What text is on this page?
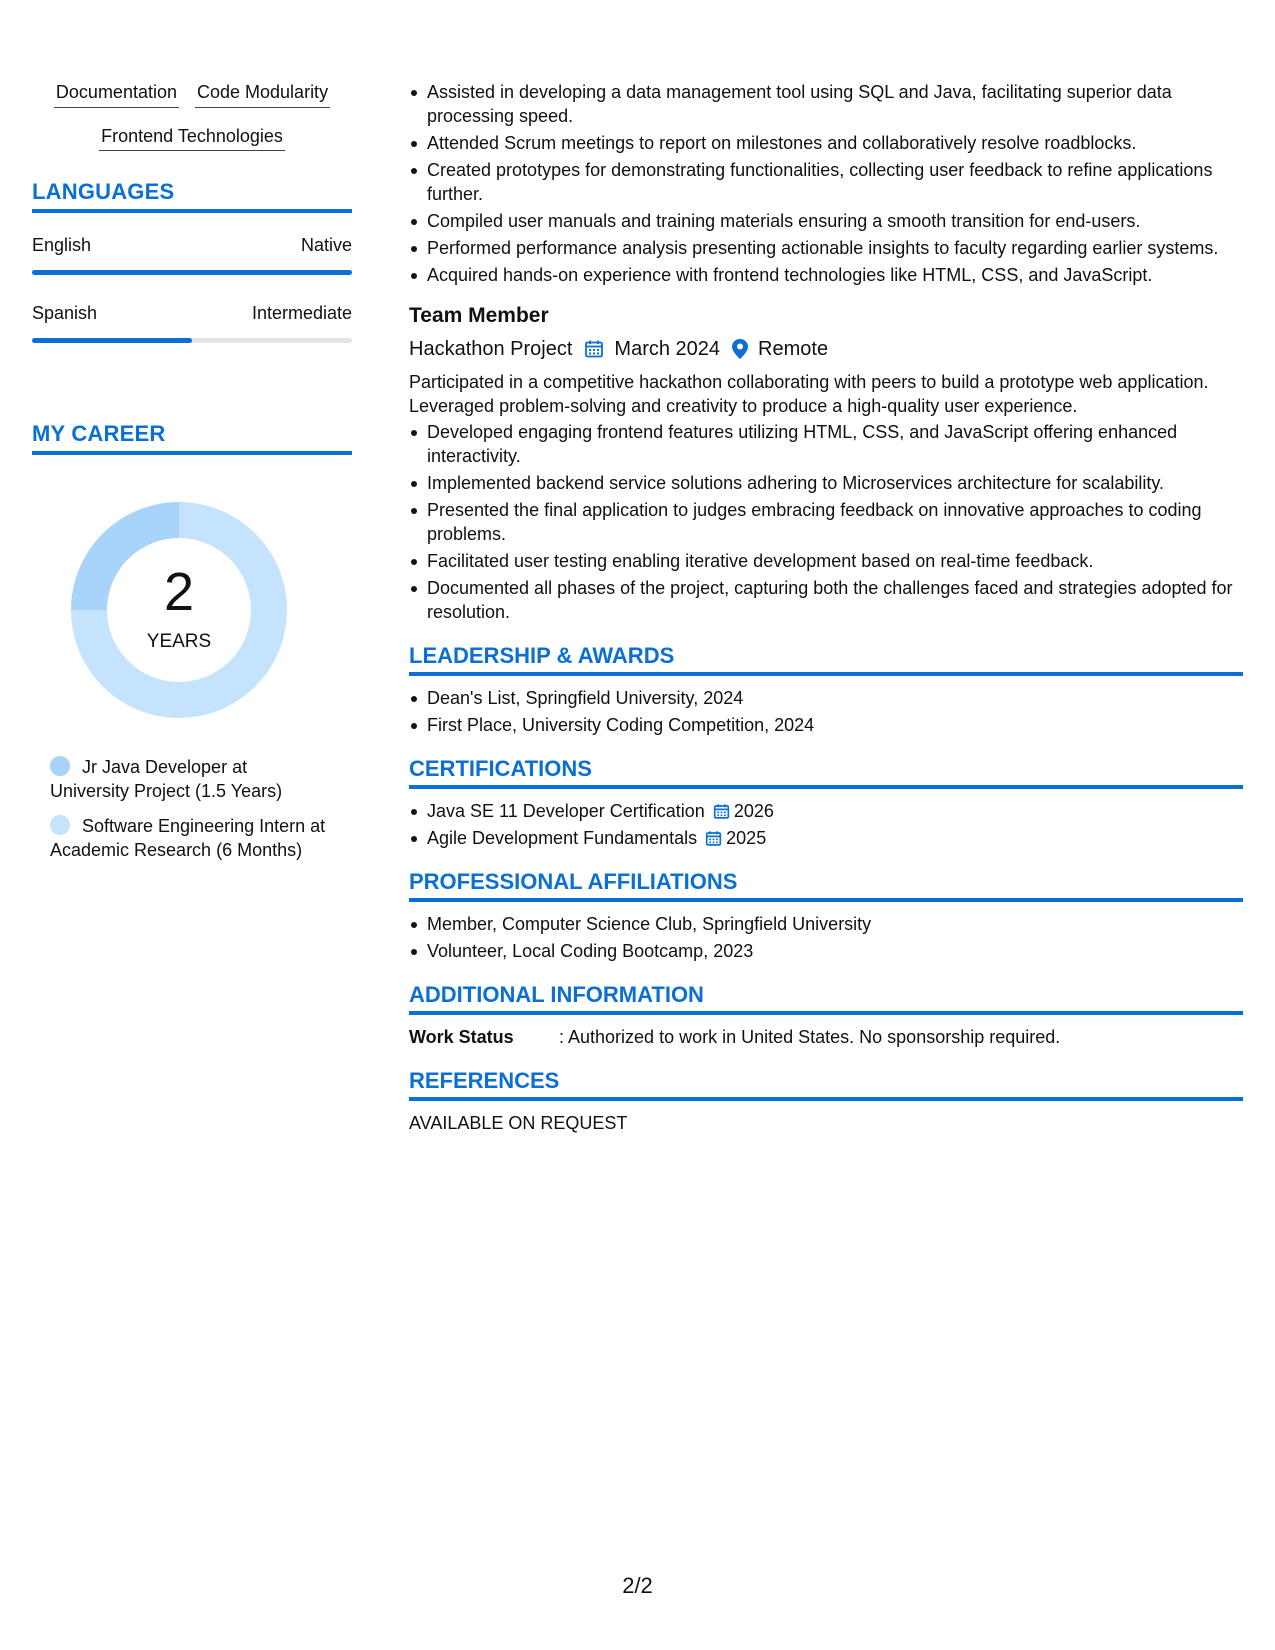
Documentation Code Modularity
Frontend Technologies
LANGUAGES
English	Native
Spanish	Intermediate
MY CAREER
2
YEARS
Jr Java Developer at University Project (1.5 Years)
Software Engineering Intern at Academic Research (6 Months)
Assisted in developing a data management tool using SQL and Java, facilitating superior data processing speed.
Attended Scrum meetings to report on milestones and collaboratively resolve roadblocks.
Created prototypes for demonstrating functionalities, collecting user feedback to refine applications further.
Compiled user manuals and training materials ensuring a smooth transition for end-users.
Performed performance analysis presenting actionable insights to faculty regarding earlier systems.
Acquired hands-on experience with frontend technologies like HTML, CSS, and JavaScript.
Team Member
Hackathon Project March 2024 Remote
Participated in a competitive hackathon collaborating with peers to build a prototype web application. Leveraged problem-solving and creativity to produce a high-quality user experience.
Developed engaging frontend features utilizing HTML, CSS, and JavaScript offering enhanced interactivity.
Implemented backend service solutions adhering to Microservices architecture for scalability.
Presented the final application to judges embracing feedback on innovative approaches to coding problems.
Facilitated user testing enabling iterative development based on real-time feedback.
Documented all phases of the project, capturing both the challenges faced and strategies adopted for resolution.
LEADERSHIP & AWARDS
Dean's List, Springfield University, 2024
First Place, University Coding Competition, 2024
CERTIFICATIONS
Java SE 11 Developer Certification 2026
Agile Development Fundamentals 2025
PROFESSIONAL AFFILIATIONS
Member, Computer Science Club, Springfield University
Volunteer, Local Coding Bootcamp, 2023
ADDITIONAL INFORMATION
Work Status	: Authorized to work in United States. No sponsorship required.
REFERENCES
AVAILABLE ON REQUEST
2/2
